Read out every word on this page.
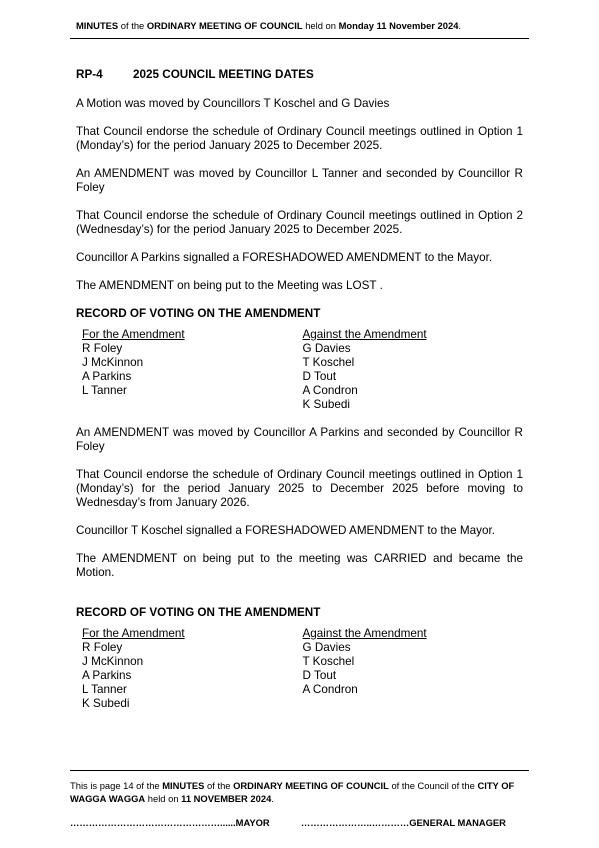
MINUTES of the ORDINARY MEETING OF COUNCIL held on Monday 11 November 2024.
RP-4	2025 COUNCIL MEETING DATES
A Motion was moved by Councillors T Koschel and G Davies
That Council endorse the schedule of Ordinary Council meetings outlined in Option 1 (Monday’s) for the period January 2025 to December 2025.
An AMENDMENT was moved by Councillor L Tanner and seconded by Councillor R Foley
That Council endorse the schedule of Ordinary Council meetings outlined in Option 2 (Wednesday’s) for the period January 2025 to December 2025.
Councillor A Parkins signalled a FORESHADOWED AMENDMENT to the Mayor.
The AMENDMENT on being put to the Meeting was LOST .
RECORD OF VOTING ON THE AMENDMENT
For the Amendment
R Foley
J McKinnon
A Parkins
L Tanner
Against the Amendment
G Davies
T Koschel
D Tout
A Condron
K Subedi
An AMENDMENT was moved by Councillor A Parkins and seconded by Councillor R Foley
That Council endorse the schedule of Ordinary Council meetings outlined in Option 1 (Monday’s) for the period January 2025 to December 2025 before moving to Wednesday’s from January 2026.
Councillor T Koschel signalled a FORESHADOWED AMENDMENT to the Mayor.
The AMENDMENT on being put to the meeting was CARRIED and became the Motion.
RECORD OF VOTING ON THE AMENDMENT
For the Amendment
R Foley
J McKinnon
A Parkins
L Tanner
K Subedi
Against the Amendment
G Davies
T Koschel
D Tout
A Condron
This is page 14 of the MINUTES of the ORDINARY MEETING OF COUNCIL of the Council of the CITY OF WAGGA WAGGA held on 11 NOVEMBER 2024.
…………………………………………......MAYOR	…………………..…………GENERAL MANAGER
